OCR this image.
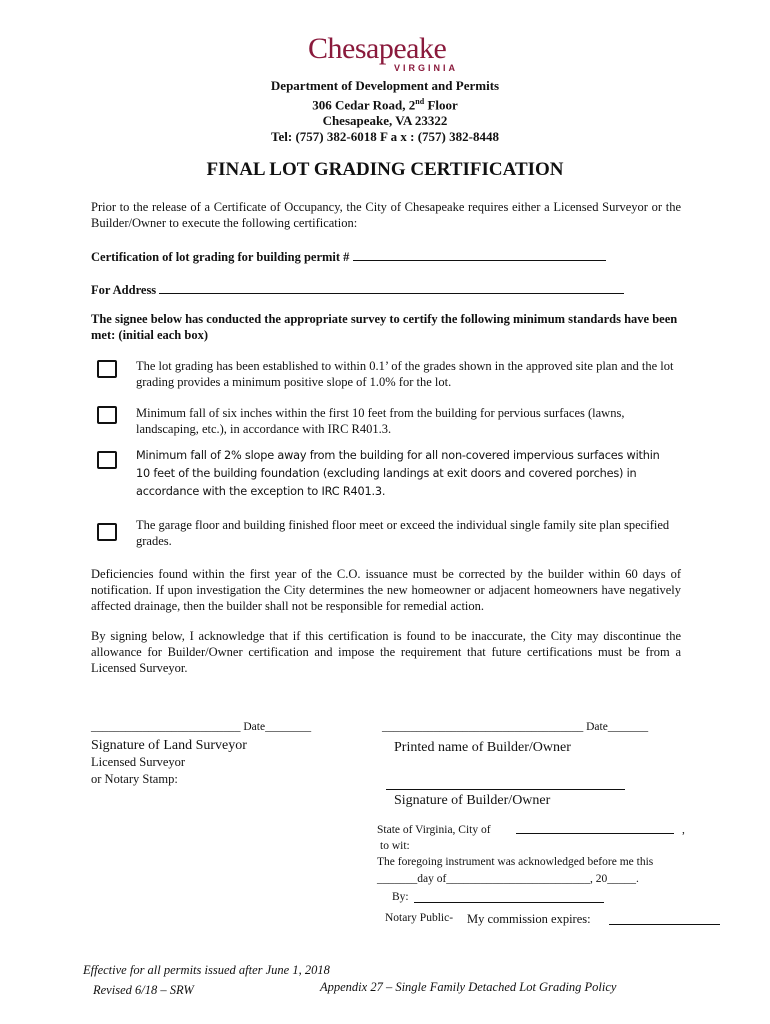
Chesapeake
VIRGINIA
Department of Development and Permits
306 Cedar Road, 2nd Floor
Chesapeake, VA 23322
Tel: (757) 382-6018 F a x : (757) 382-8448
FINAL LOT GRADING CERTIFICATION
Prior to the release of a Certificate of Occupancy, the City of Chesapeake requires either a Licensed Surveyor or the Builder/Owner to execute the following certification:
Certification of lot grading for building permit #
For Address
The signee below has conducted the appropriate survey to certify the following minimum standards have been met: (initial each box)
The lot grading has been established to within 0.1’ of the grades shown in the approved site plan and the lot grading provides a minimum positive slope of 1.0% for the lot.
Minimum fall of six inches within the first 10 feet from the building for pervious surfaces (lawns, landscaping, etc.), in accordance with IRC R401.3.
Minimum fall of 2% slope away from the building for all non-covered impervious surfaces within 10 feet of the building foundation (excluding landings at exit doors and covered porches) in accordance with the exception to IRC R401.3.
The garage floor and building finished floor meet or exceed the individual single family site plan specified grades.
Deficiencies found within the first year of the C.O. issuance must be corrected by the builder within 60 days of notification. If upon investigation the City determines the new homeowner or adjacent homeowners have negatively affected drainage, then the builder shall not be responsible for remedial action.
By signing below, I acknowledge that if this certification is found to be inaccurate, the City may discontinue the allowance for Builder/Owner certification and impose the requirement that future certifications must be from a Licensed Surveyor.
__________________________ Date________	___________________________________ Date_______
Signature of Land Surveyor
Licensed Surveyor
or Notary Stamp:
Printed name of Builder/Owner
Signature of Builder/Owner
State of Virginia, City of	,
to wit:
The foregoing instrument was acknowledged before me this
_______day of_________________________, 20_____.
By:
Notary Public- My commission expires:
Effective for all permits issued after June 1, 2018
Revised 6/18 – SRW	Appendix 27 – Single Family Detached Lot Grading Policy
